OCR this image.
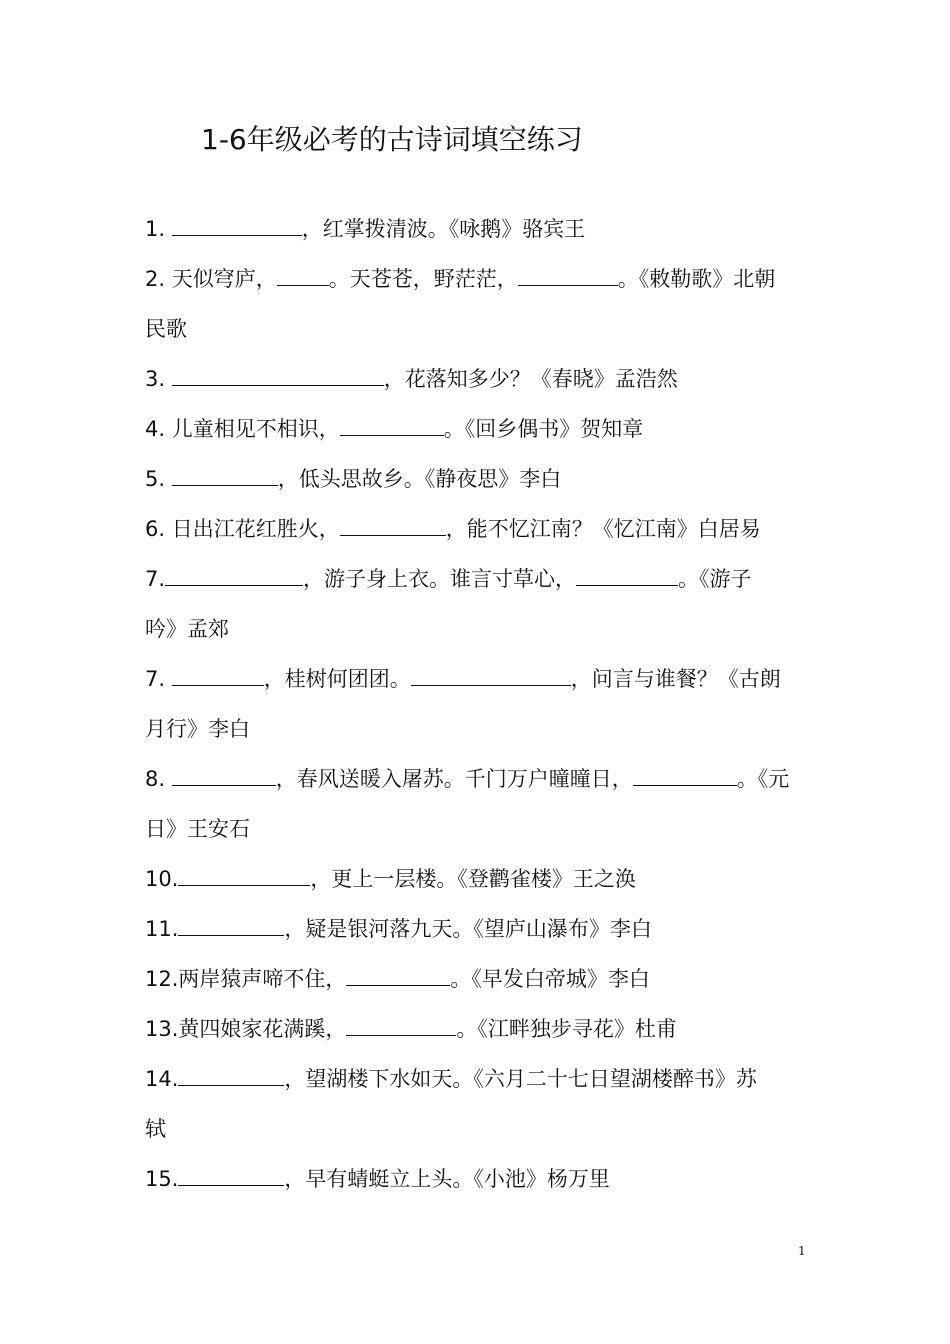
1-6年级必考的古诗词填空练习
1.	，红掌拨清波。《咏鹅》骆宾王
2. 天似穹庐， 。天苍苍，野茫茫，	。《敕勒歌》北朝
民歌
3.	，花落知多少？《春晓》孟浩然
4. 儿童相见不相识，	。《回乡偶书》贺知章
5.	，低头思故乡。《静夜思》李白
6. 日出江花红胜火，	，能不忆江南？《忆江南》白居易
7.	，游子身上衣。谁言寸草心，	。《游子
吟》孟郊
7.	，桂树何团团。	，问言与谁餐？《古朗
月行》李白
8.	，春风送暖入屠苏。千门万户曈曈日，	。《元
日》王安石
10.	，更上一层楼。《登鹳雀楼》王之涣
11.	，疑是银河落九天。《望庐山瀑布》李白
12.两岸猿声啼不住，	。《早发白帝城》李白
13.黄四娘家花满蹊，	。《江畔独步寻花》杜甫
14.	，望湖楼下水如天。《六月二十七日望湖楼醉书》苏
轼
15.	，早有蜻蜓立上头。《小池》杨万里
1
